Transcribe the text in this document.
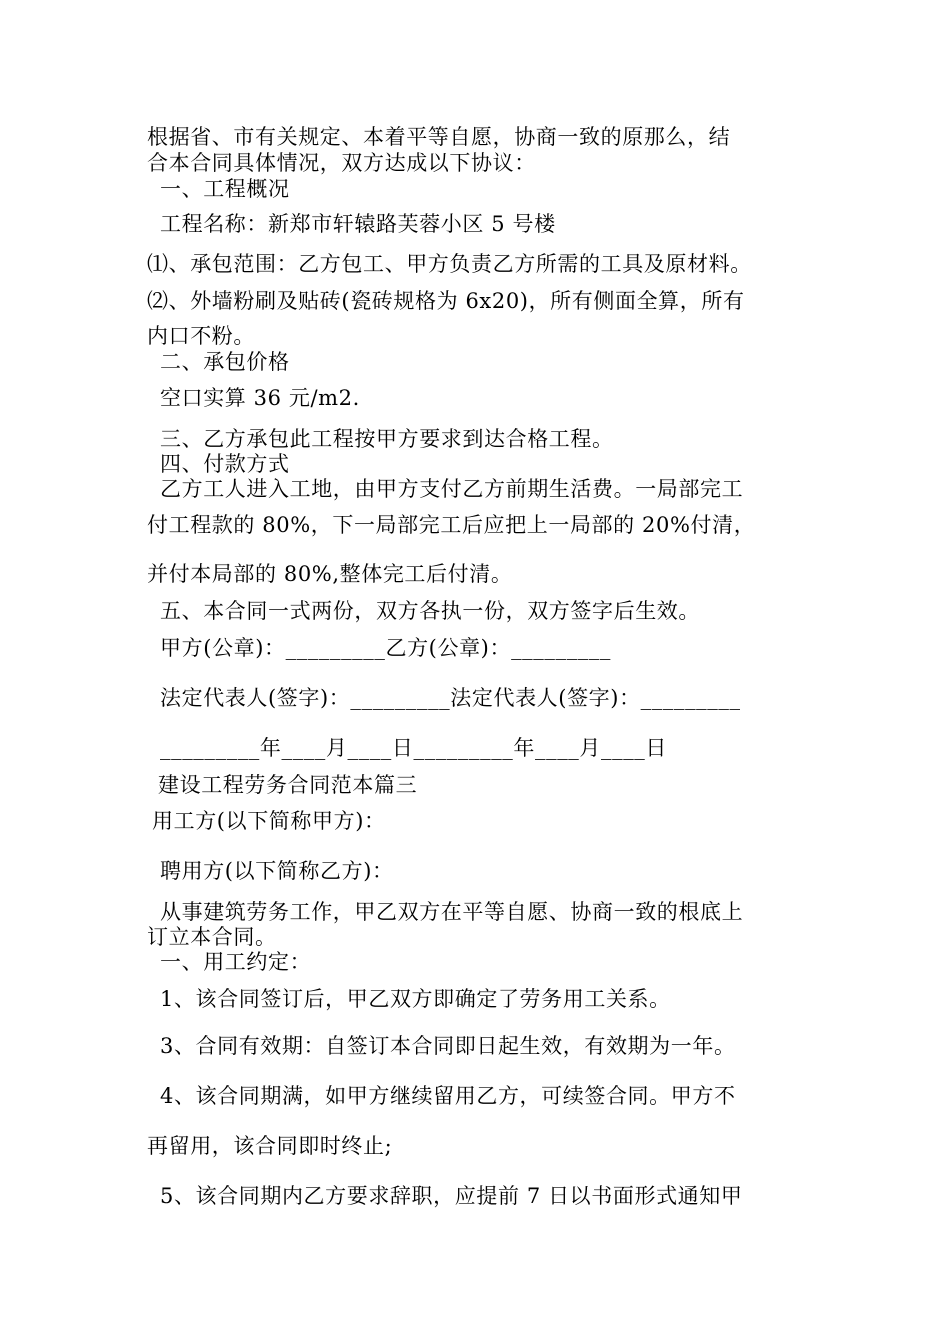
根据省、市有关规定、本着平等自愿，协商一致的原那么，结
合本合同具体情况，双方达成以下协议：
一、工程概况
工程名称：新郑市轩辕路芙蓉小区 5 号楼
⑴、承包范围：乙方包工、甲方负责乙方所需的工具及原材料。
⑵、外墙粉刷及贴砖(瓷砖规格为 6x20)，所有侧面全算，所有
内口不粉。
二、承包价格
空口实算 36 元/m2.
三、乙方承包此工程按甲方要求到达合格工程。
四、付款方式
乙方工人进入工地，由甲方支付乙方前期生活费。一局部完工
付工程款的 80%，下一局部完工后应把上一局部的 20%付清，
并付本局部的 80%,整体完工后付清。
五、本合同一式两份，双方各执一份，双方签字后生效。
甲方(公章)：_________乙方(公章)：_________
法定代表人(签字)：_________法定代表人(签字)：_________
_________年____月____日_________年____月____日
建设工程劳务合同范本篇三
用工方(以下简称甲方)：
聘用方(以下简称乙方)：
从事建筑劳务工作，甲乙双方在平等自愿、协商一致的根底上
订立本合同。
一、用工约定：
1、该合同签订后，甲乙双方即确定了劳务用工关系。
3、合同有效期：自签订本合同即日起生效，有效期为一年。
4、该合同期满，如甲方继续留用乙方，可续签合同。甲方不
再留用，该合同即时终止;
5、该合同期内乙方要求辞职，应提前 7 日以书面形式通知甲
